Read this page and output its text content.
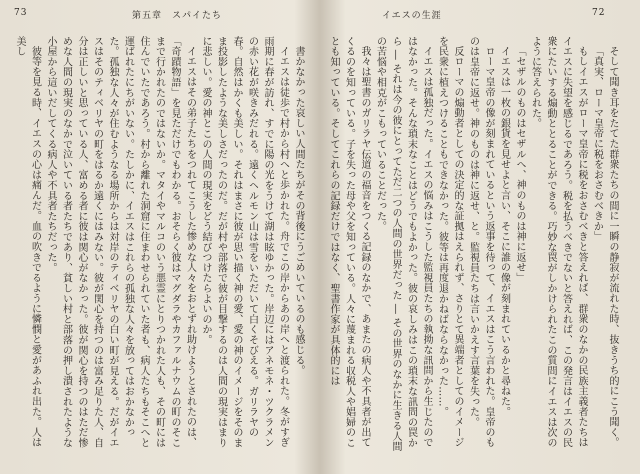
73	第五章　スパイたち

書かなかった哀しい人間たちがその背後にうごめいているのも感じる。

イエスは徒歩で村から村へと歩かれた。舟でこの岸からあの岸へと渡られた。冬がすぎ雨期に春が訪れ、すでに陽の光をうけて湖は眩ゆかった。岸辺にはアネモネ・ツクラメンの赤い花が咲きみだれる。遠くヘルモン山は雪をいただいて白くそびえる。ガリラヤの春。自然はかくも美しい。それはまさに彼が思い描く神の愛、愛の神のイメージをそのまま投影したような美しさだったのだ。だが村や部落で彼が目撃するのは人間の現実はまりに悲しい。愛の神とこの人間の現実をどう結びつけたらよいのか。

イエスはその弟子たちをつれてこうした惨めな人々をおとずれ助けようとされたのは、「奇蹟物語」を見ただけでもわかる。おそらく彼はマグダラやカファルナウムの町のそこまで行かれたのではないか。マタイやマルコのいう悪霊にとりつかれた人も、その町には住んでいたであろう。村から離れた洞窟に住まわせられていた者も、病人たちもそこへと運ばれたにちがいない。たしかに、イエスはこれらの孤独な人々を放ってはおかなかった。孤独な人々が住むようなる場所からは対岸のティベリヤの白い町が見える。だがイエスはそのティベリヤの町をはるか遠くにはみない。彼が関心を持つのは富み足りた人、自分は正しいと思っている人、富める者に彼は関心がなかった。彼が関心を持つのはただ惨めな人間の現実のなかで泣いている者たちであり、貧しい村と部落の押し潰されたような小屋から這いだしてくる病人や不具者たちだった。

彼等を見る時、イエスの心は痛んだ。血の吹きでるように憐憫と愛があふれ出た。人は美し

イエスの生涯	72

そして聞き耳をたてた群衆たちの間に一瞬の静寂が流れた時、抜きうち的にこう聞く。

「真実、ローマ皇帝に税をおさむべきか」

もしイエスがローマ皇帝に税をおさむべきと答えれば、群衆のなかの民族主義者たちはイエスに失望を感じるであろう。税を払うべきでないと答えれば、この発言はイエスの民衆にたいする煽動ととることができる。巧妙な罠がしかけられたこの質問にイエスは次のように答えられた。

「セザルのものはセザルへ、神のものは神に返せ」

イエスは一枚の銀貨を見せよと言い、そこに誰の像が刻まれているかと尋ねた。

ローマ皇帝の像が刻まれているという返事を待って、イエスはこう言われた。皇帝のものは皇帝に返せ。神のものは神に返せ、と。監視員たちは言いかえす言葉を失った。

反ローマの煽動者としての決定的な証拠はえられず、さりとて異端者としてのイメージを民衆に植えつけることもできなかった。彼等は再度退かねばならなかった……。

イエスは孤独だった。イエスの悩みはこうした監視員たちの執拗な訊問から生じたのではなかった。そんな瑣末なことはどうでもよかった。彼の哀しみはこの瑣末な訊問の罠から ― それは今の彼にとってただ二つの人間の世界だった ― その世界のなかに生きる人間の苦悩や相克がこもっていることだった。

我々は聖書のガリラヤ伝道の福音をつくる記録のなかで、あまたの病人や不具者が出てくるのを知っている。子を失った母や父を知っている。人々に蔑まれる収税人や娼婦のことも知っている。そしてこれらの記録だけではなく、聖書作家が具体的には
